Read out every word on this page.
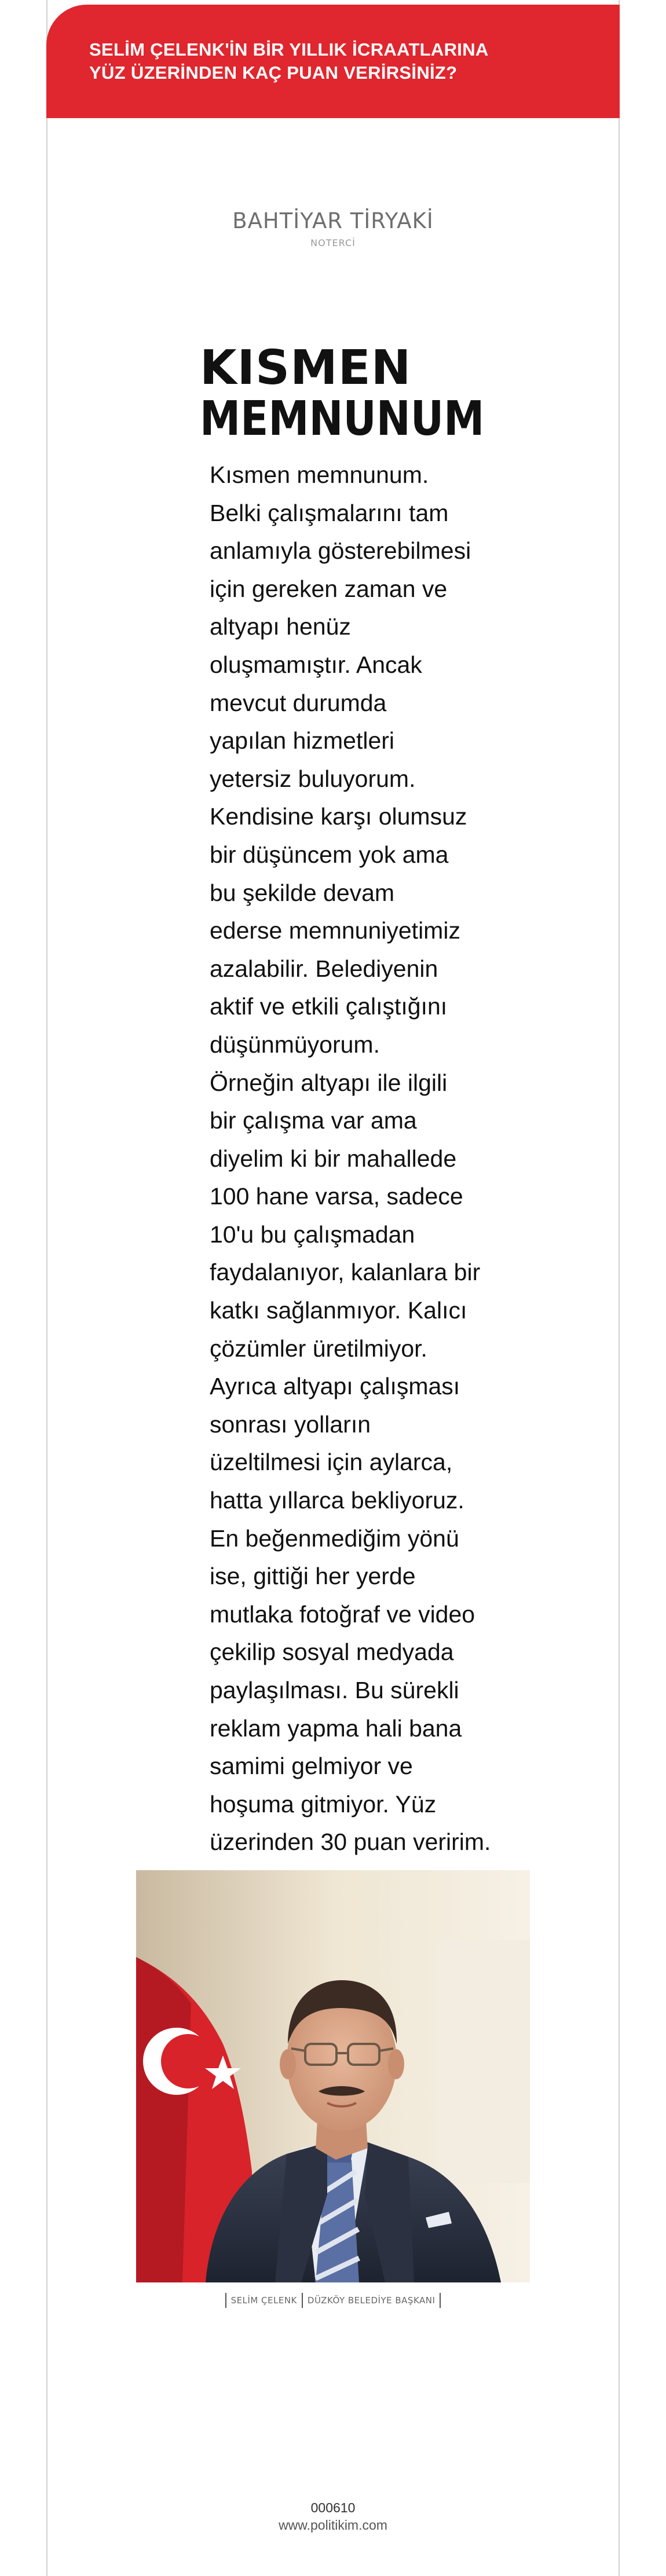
SELİM ÇELENK'İN BİR YILLIK İCRAATLARINA
YÜZ ÜZERİNDEN KAÇ PUAN VERİRSİNİZ?
BAHTİYAR TİRYAKİ
NOTERCİ
KISMEN
MEMNUNUM

Kısmen memnunum.
Belki çalışmalarını tam
anlamıyla gösterebilmesi
için gereken zaman ve
altyapı henüz
oluşmamıştır. Ancak
mevcut durumda
yapılan hizmetleri
yetersiz buluyorum.
Kendisine karşı olumsuz
bir düşüncem yok ama
bu şekilde devam
ederse memnuniyetimiz
azalabilir. Belediyenin
aktif ve etkili çalıştığını
düşünmüyorum.
Örneğin altyapı ile ilgili
bir çalışma var ama
diyelim ki bir mahallede
100 hane varsa, sadece
10'u bu çalışmadan
faydalanıyor, kalanlara bir
katkı sağlanmıyor. Kalıcı
çözümler üretilmiyor.
Ayrıca altyapı çalışması
sonrası yolların
üzeltilmesi için aylarca,
hatta yıllarca bekliyoruz.
En beğenmediğim yönü
ise, gittiği her yerde
mutlaka fotoğraf ve video
çekilip sosyal medyada
paylaşılması. Bu sürekli
reklam yapma hali bana
samimi gelmiyor ve
hoşuma gitmiyor. Yüz
üzerinden 30 puan veririm.

SELİM ÇELENK DÜZKÖY BELEDİYE BAŞKANI
000610
www.politikim.com
